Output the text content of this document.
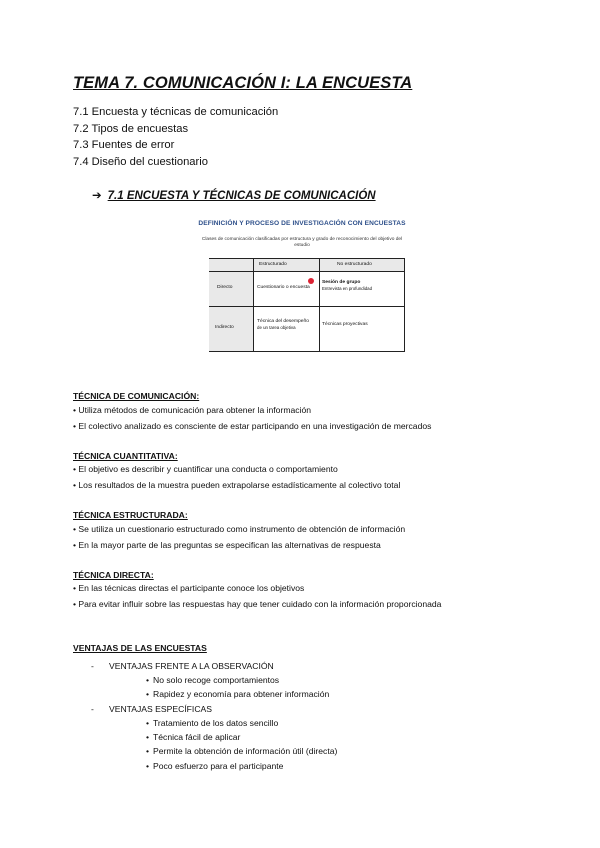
TEMA 7. COMUNICACIÓN I: LA ENCUESTA
7.1 Encuesta y técnicas de comunicación
7.2 Tipos de encuestas
7.3 Fuentes de error
7.4 Diseño del cuestionario
➔ 7.1 ENCUESTA Y TÉCNICAS DE COMUNICACIÓN
DEFINICIÓN Y PROCESO DE INVESTIGACIÓN CON ENCUESTAS
Clases de comunicación clasificadas por estructura y grado de reconocimiento del objetivo del estudio
Estructurado	No estructurado
Directo
Indirecto
Cuestionario o encuesta
Sesión de grupo
Entrevista en profundidad
Técnica del desempeño
de un tarea objetiva
Técnicas proyectivas
TÉCNICA DE COMUNICACIÓN:
• Utiliza métodos de comunicación para obtener la información
• El colectivo analizado es consciente de estar participando en una investigación de mercados
TÉCNICA CUANTITATIVA:
• El objetivo es describir y cuantificar una conducta o comportamiento
• Los resultados de la muestra pueden extrapolarse estadísticamente al colectivo total
TÉCNICA ESTRUCTURADA:
• Se utiliza un cuestionario estructurado como instrumento de obtención de información
• En la mayor parte de las preguntas se especifican las alternativas de respuesta
TÉCNICA DIRECTA:
• En las técnicas directas el participante conoce los objetivos
• Para evitar influir sobre las respuestas hay que tener cuidado con la información proporcionada
VENTAJAS DE LAS ENCUESTAS
- VENTAJAS FRENTE A LA OBSERVACIÓN
• No solo recoge comportamientos
• Rapidez y economía para obtener información
- VENTAJAS ESPECÍFICAS
• Tratamiento de los datos sencillo
• Técnica fácil de aplicar
• Permite la obtención de información útil (directa)
• Poco esfuerzo para el participante
